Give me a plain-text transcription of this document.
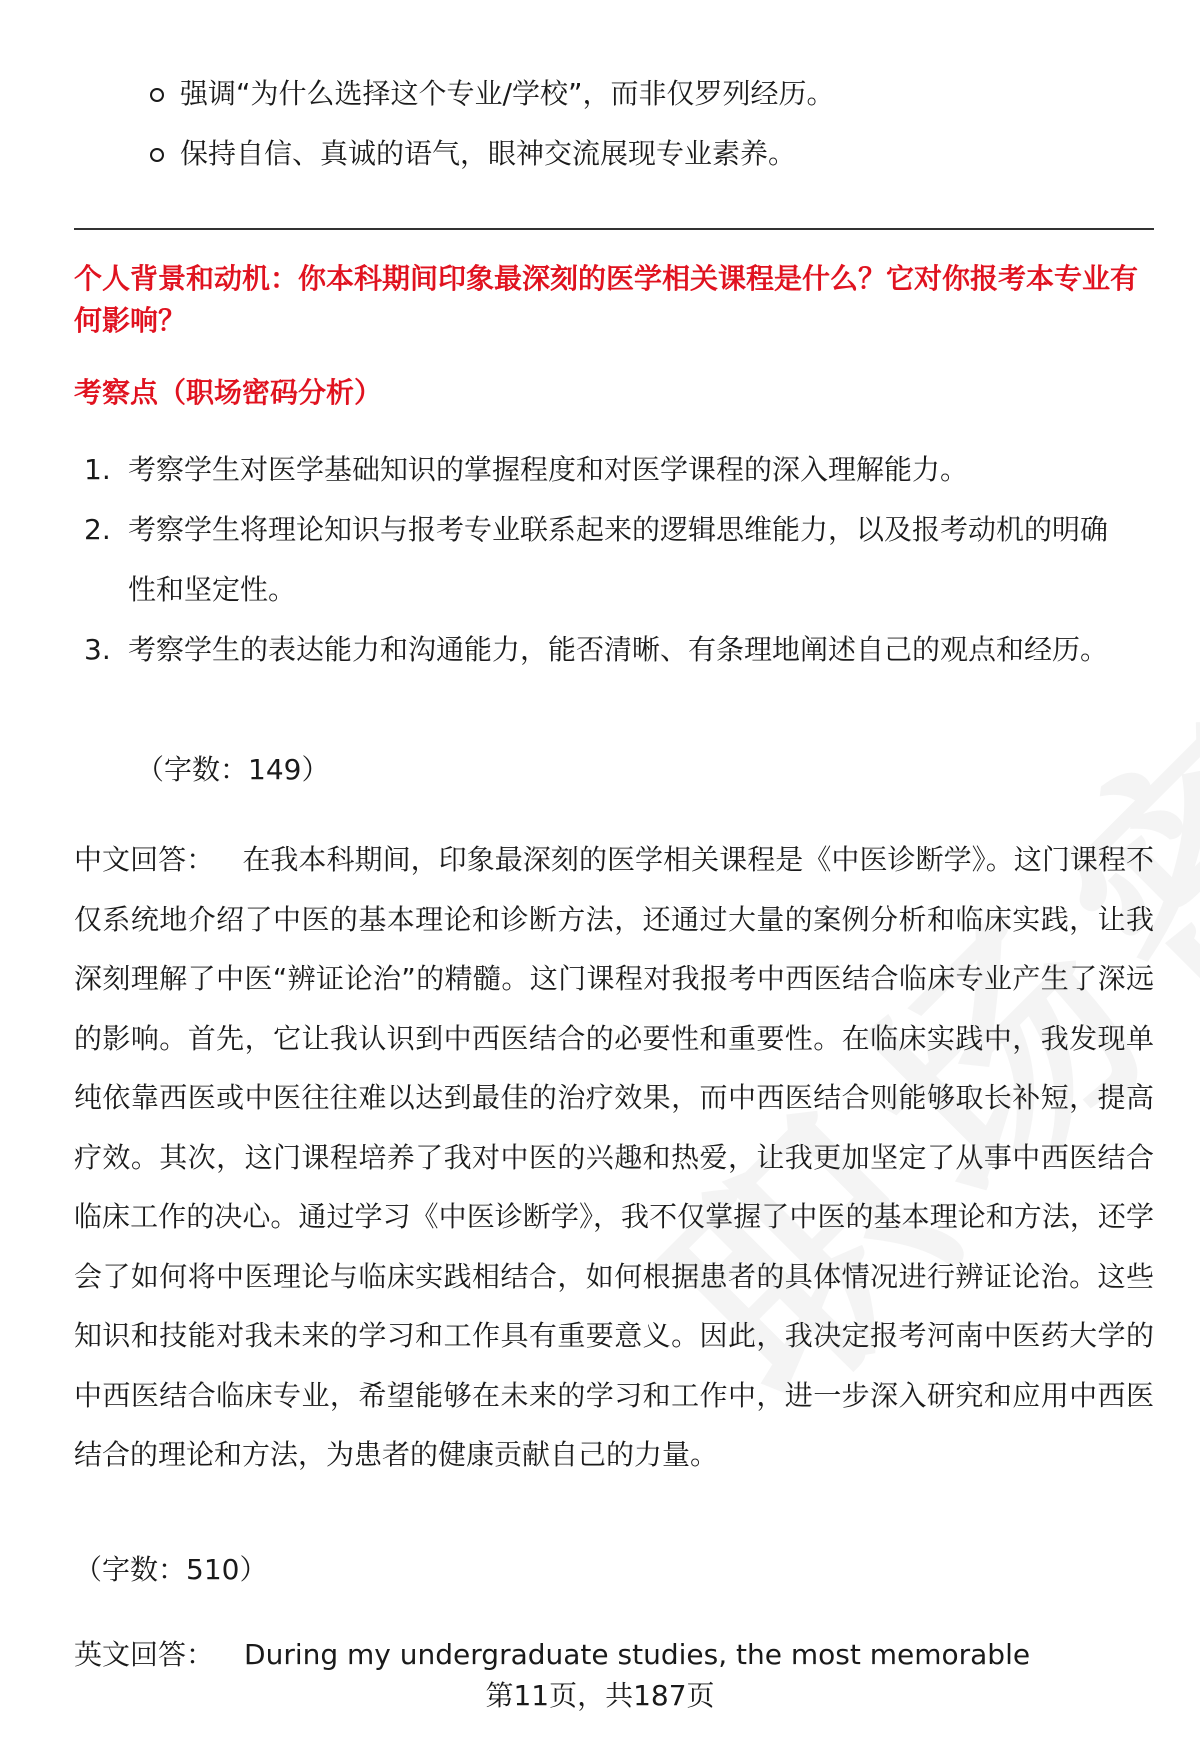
强调“为什么选择这个专业/学校”，而非仅罗列经历。
保持自信、真诚的语气，眼神交流展现专业素养。
个人背景和动机：你本科期间印象最深刻的医学相关课程是什么？它对你报考本专业有何影响？
考察点（职场密码分析）
1. 考察学生对医学基础知识的掌握程度和对医学课程的深入理解能力。
2. 考察学生将理论知识与报考专业联系起来的逻辑思维能力，以及报考动机的明确性和坚定性。
3. 考察学生的表达能力和沟通能力，能否清晰、有条理地阐述自己的观点和经历。
（字数：149）
中文回答： 在我本科期间，印象最深刻的医学相关课程是《中医诊断学》。这门课程不仅系统地介绍了中医的基本理论和诊断方法，还通过大量的案例分析和临床实践，让我深刻理解了中医“辨证论治”的精髓。这门课程对我报考中西医结合临床专业产生了深远的影响。首先，它让我认识到中西医结合的必要性和重要性。在临床实践中，我发现单纯依靠西医或中医往往难以达到最佳的治疗效果，而中西医结合则能够取长补短，提高疗效。其次，这门课程培养了我对中医的兴趣和热爱，让我更加坚定了从事中西医结合临床工作的决心。通过学习《中医诊断学》，我不仅掌握了中医的基本理论和方法，还学会了如何将中医理论与临床实践相结合，如何根据患者的具体情况进行辨证论治。这些知识和技能对我未来的学习和工作具有重要意义。因此，我决定报考河南中医药大学的中西医结合临床专业，希望能够在未来的学习和工作中，进一步深入研究和应用中西医结合的理论和方法，为患者的健康贡献自己的力量。
（字数：510）
英文回答： During my undergraduate studies, the most memorable
第11页，共187页
